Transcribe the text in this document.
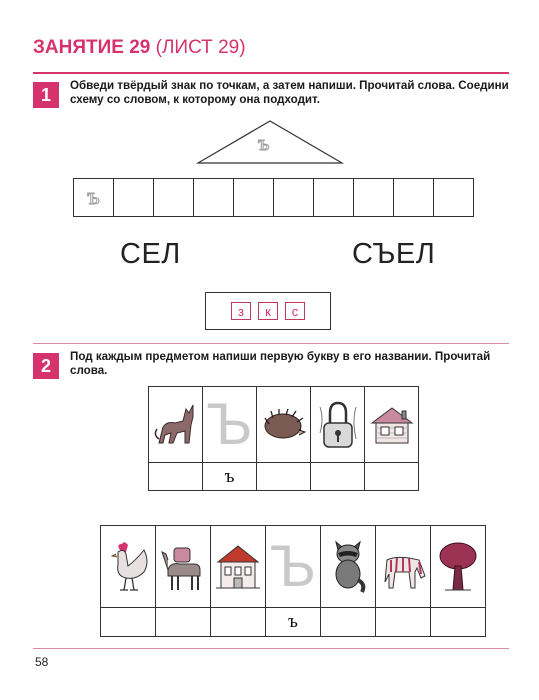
ЗАНЯТИЕ 29 (ЛИСТ 29)
1	Обведи твёрдый знак по точкам, а затем напиши. Прочитай слова. Соедини схему со словом, к которому она подходит.
ъ
ъ
СЕЛ	СЪЕЛ
з	к	с
2	Под каждым предметом напиши первую букву в его названии. Прочитай слова.
Ъ
ъ
Ъ
ъ
58
